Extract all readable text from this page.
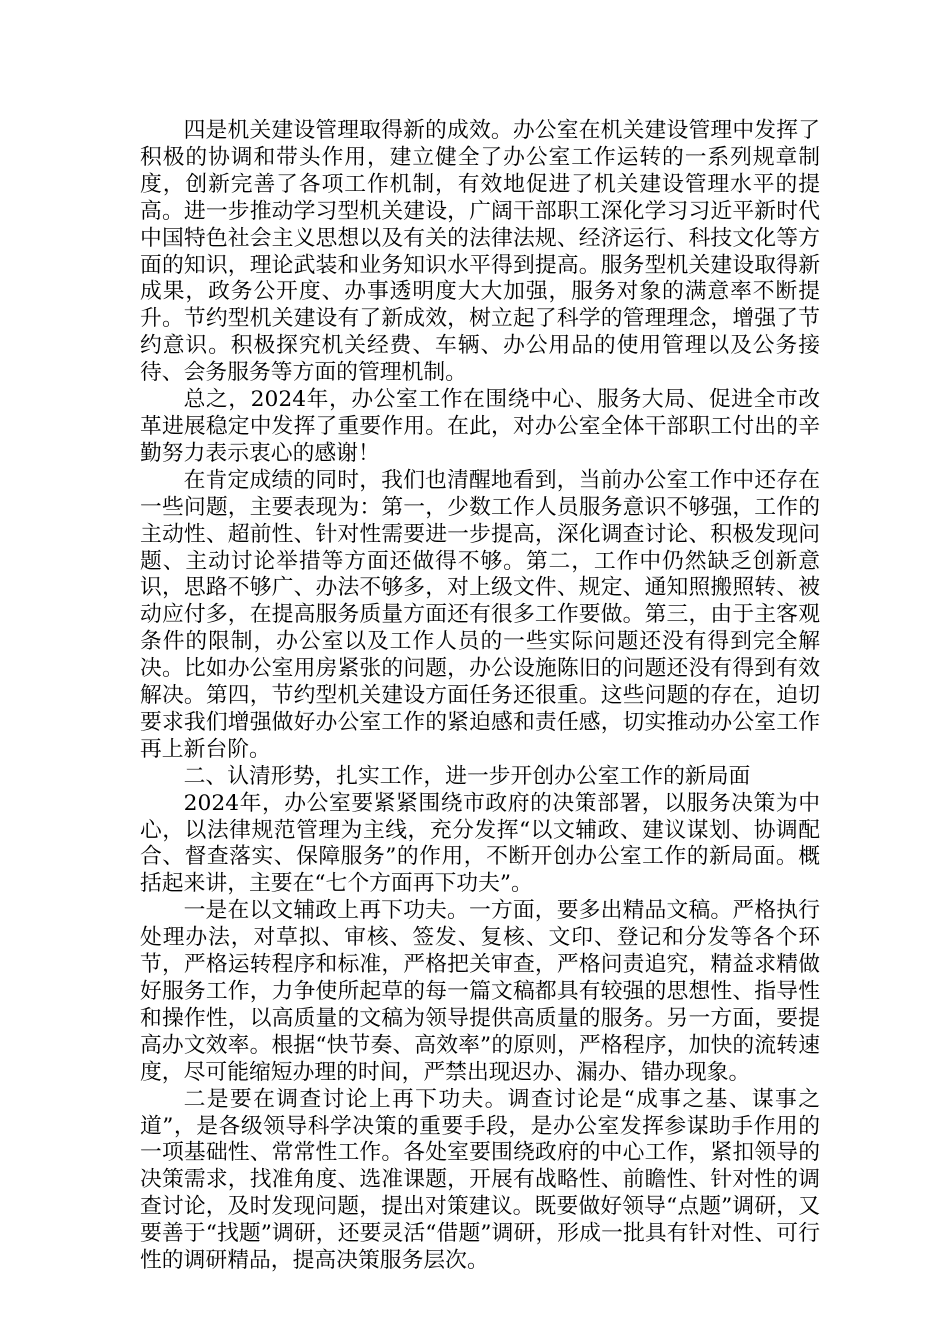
四是机关建设管理取得新的成效。办公室在机关建设管理中发挥了积极的协调和带头作用，建立健全了办公室工作运转的一系列规章制度，创新完善了各项工作机制，有效地促进了机关建设管理水平的提高。进一步推动学习型机关建设，广阔干部职工深化学习习近平新时代中国特色社会主义思想以及有关的法律法规、经济运行、科技文化等方面的知识，理论武装和业务知识水平得到提高。服务型机关建设取得新成果，政务公开度、办事透明度大大加强，服务对象的满意率不断提升。节约型机关建设有了新成效，树立起了科学的管理理念，增强了节约意识。积极探究机关经费、车辆、办公用品的使用管理以及公务接待、会务服务等方面的管理机制。

总之，2024年，办公室工作在围绕中心、服务大局、促进全市改革进展稳定中发挥了重要作用。在此，对办公室全体干部职工付出的辛勤努力表示衷心的感谢！

在肯定成绩的同时，我们也清醒地看到，当前办公室工作中还存在一些问题，主要表现为：第一，少数工作人员服务意识不够强，工作的主动性、超前性、针对性需要进一步提高，深化调查讨论、积极发现问题、主动讨论举措等方面还做得不够。第二，工作中仍然缺乏创新意识，思路不够广、办法不够多，对上级文件、规定、通知照搬照转、被动应付多，在提高服务质量方面还有很多工作要做。第三，由于主客观条件的限制，办公室以及工作人员的一些实际问题还没有得到完全解决。比如办公室用房紧张的问题，办公设施陈旧的问题还没有得到有效解决。第四，节约型机关建设方面任务还很重。这些问题的存在，迫切要求我们增强做好办公室工作的紧迫感和责任感，切实推动办公室工作再上新台阶。

二、认清形势，扎实工作，进一步开创办公室工作的新局面

2024年，办公室要紧紧围绕市政府的决策部署，以服务决策为中心，以法律规范管理为主线，充分发挥“以文辅政、建议谋划、协调配合、督查落实、保障服务”的作用，不断开创办公室工作的新局面。概括起来讲，主要在“七个方面再下功夫”。

一是在以文辅政上再下功夫。一方面，要多出精品文稿。严格执行处理办法，对草拟、审核、签发、复核、文印、登记和分发等各个环节，严格运转程序和标准，严格把关审查，严格问责追究，精益求精做好服务工作，力争使所起草的每一篇文稿都具有较强的思想性、指导性和操作性，以高质量的文稿为领导提供高质量的服务。另一方面，要提高办文效率。根据“快节奏、高效率”的原则，严格程序，加快的流转速度，尽可能缩短办理的时间，严禁出现迟办、漏办、错办现象。

二是要在调查讨论上再下功夫。调查讨论是“成事之基、谋事之道”，是各级领导科学决策的重要手段，是办公室发挥参谋助手作用的一项基础性、常常性工作。各处室要围绕政府的中心工作，紧扣领导的决策需求，找准角度、选准课题，开展有战略性、前瞻性、针对性的调查讨论，及时发现问题，提出对策建议。既要做好领导“点题”调研，又要善于“找题”调研，还要灵活“借题”调研，形成一批具有针对性、可行性的调研精品，提高决策服务层次。
